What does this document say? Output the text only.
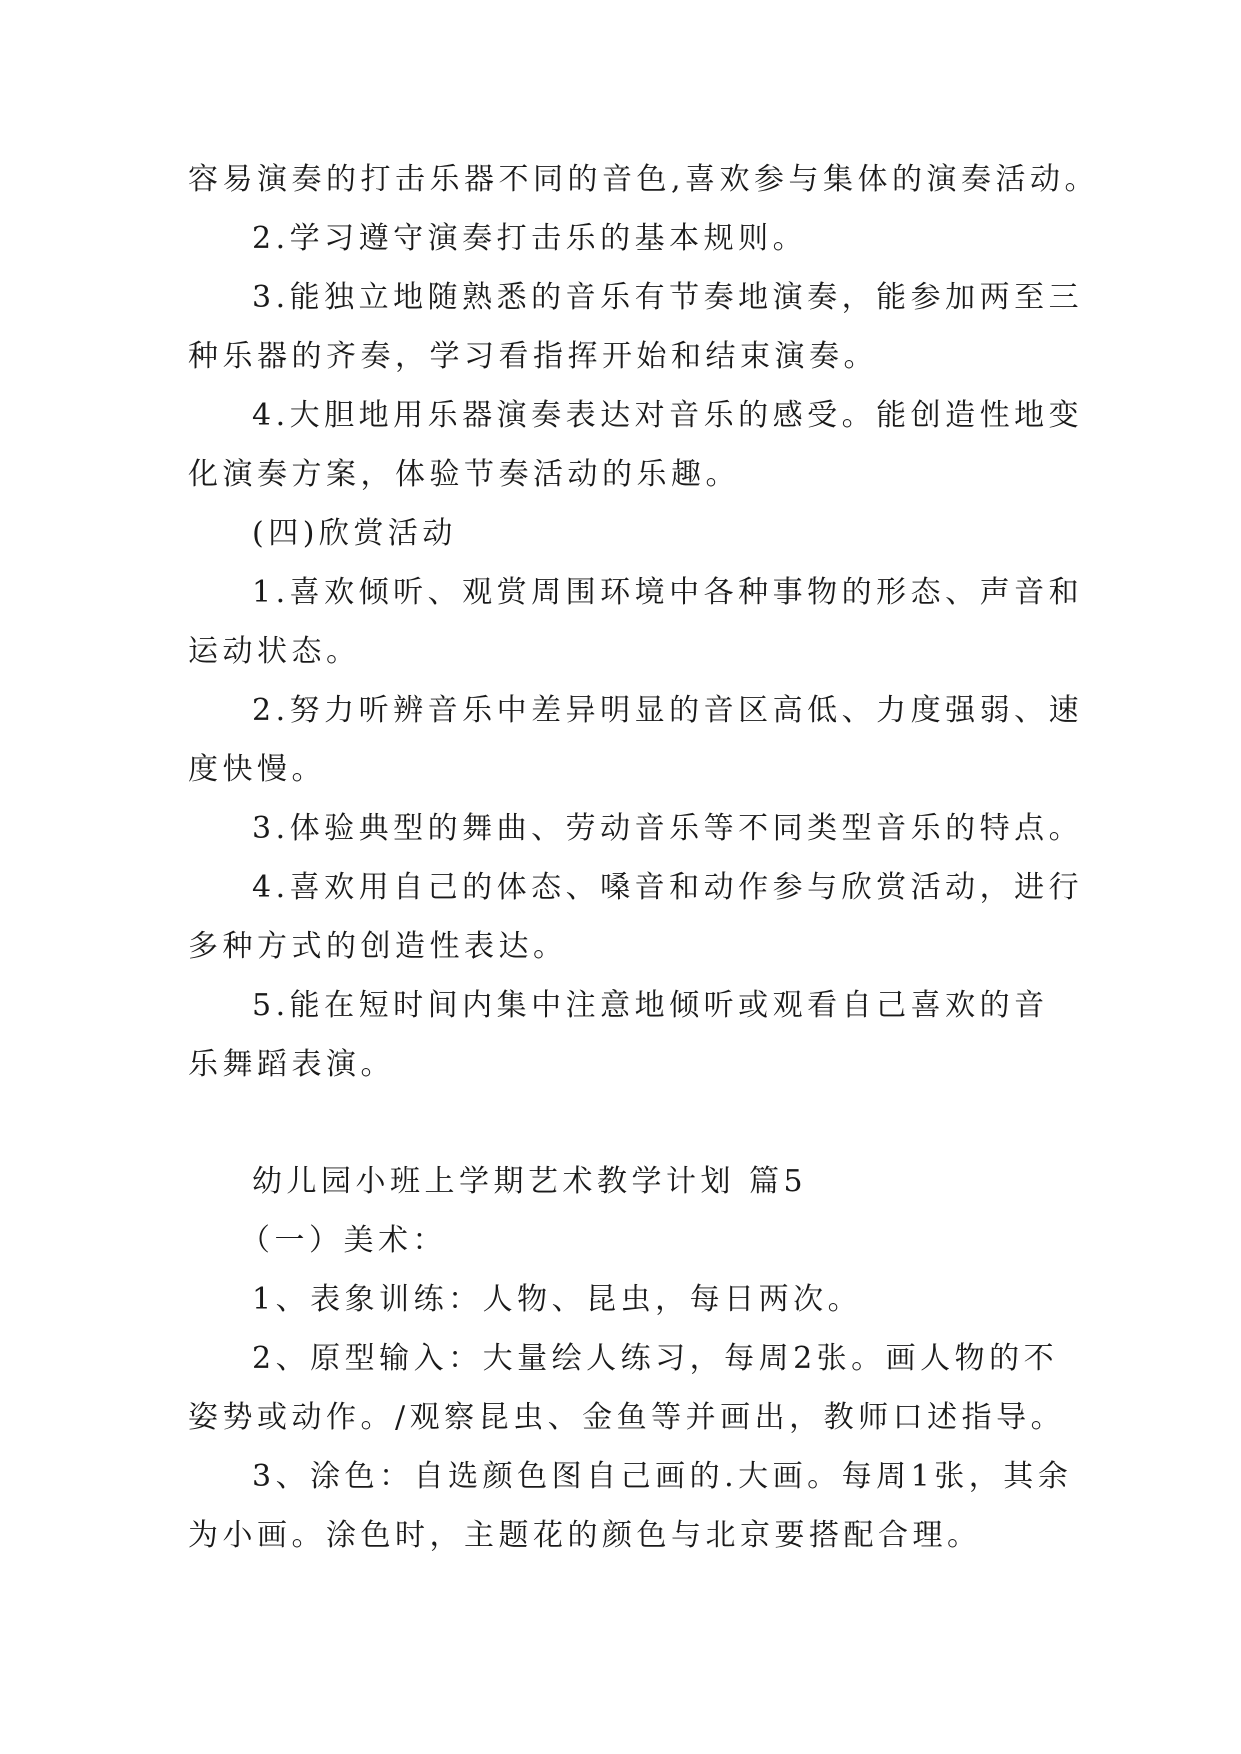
容易演奏的打击乐器不同的音色,喜欢参与集体的演奏活动。
2.学习遵守演奏打击乐的基本规则。
3.能独立地随熟悉的音乐有节奏地演奏，能参加两至三
种乐器的齐奏，学习看指挥开始和结束演奏。
4.大胆地用乐器演奏表达对音乐的感受。能创造性地变
化演奏方案，体验节奏活动的乐趣。
(四)欣赏活动
1.喜欢倾听、观赏周围环境中各种事物的形态、声音和
运动状态。
2.努力听辨音乐中差异明显的音区高低、力度强弱、速
度快慢。
3.体验典型的舞曲、劳动音乐等不同类型音乐的特点。
4.喜欢用自己的体态、嗓音和动作参与欣赏活动，进行
多种方式的创造性表达。
5.能在短时间内集中注意地倾听或观看自己喜欢的音
乐舞蹈表演。
幼儿园小班上学期艺术教学计划 篇5
（一）美术：
1、表象训练：人物、昆虫，每日两次。
2、原型输入：大量绘人练习，每周2张。画人物的不
姿势或动作。/观察昆虫、金鱼等并画出，教师口述指导。
3、涂色：自选颜色图自己画的.大画。每周1张，其余
为小画。涂色时，主题花的颜色与北京要搭配合理。
